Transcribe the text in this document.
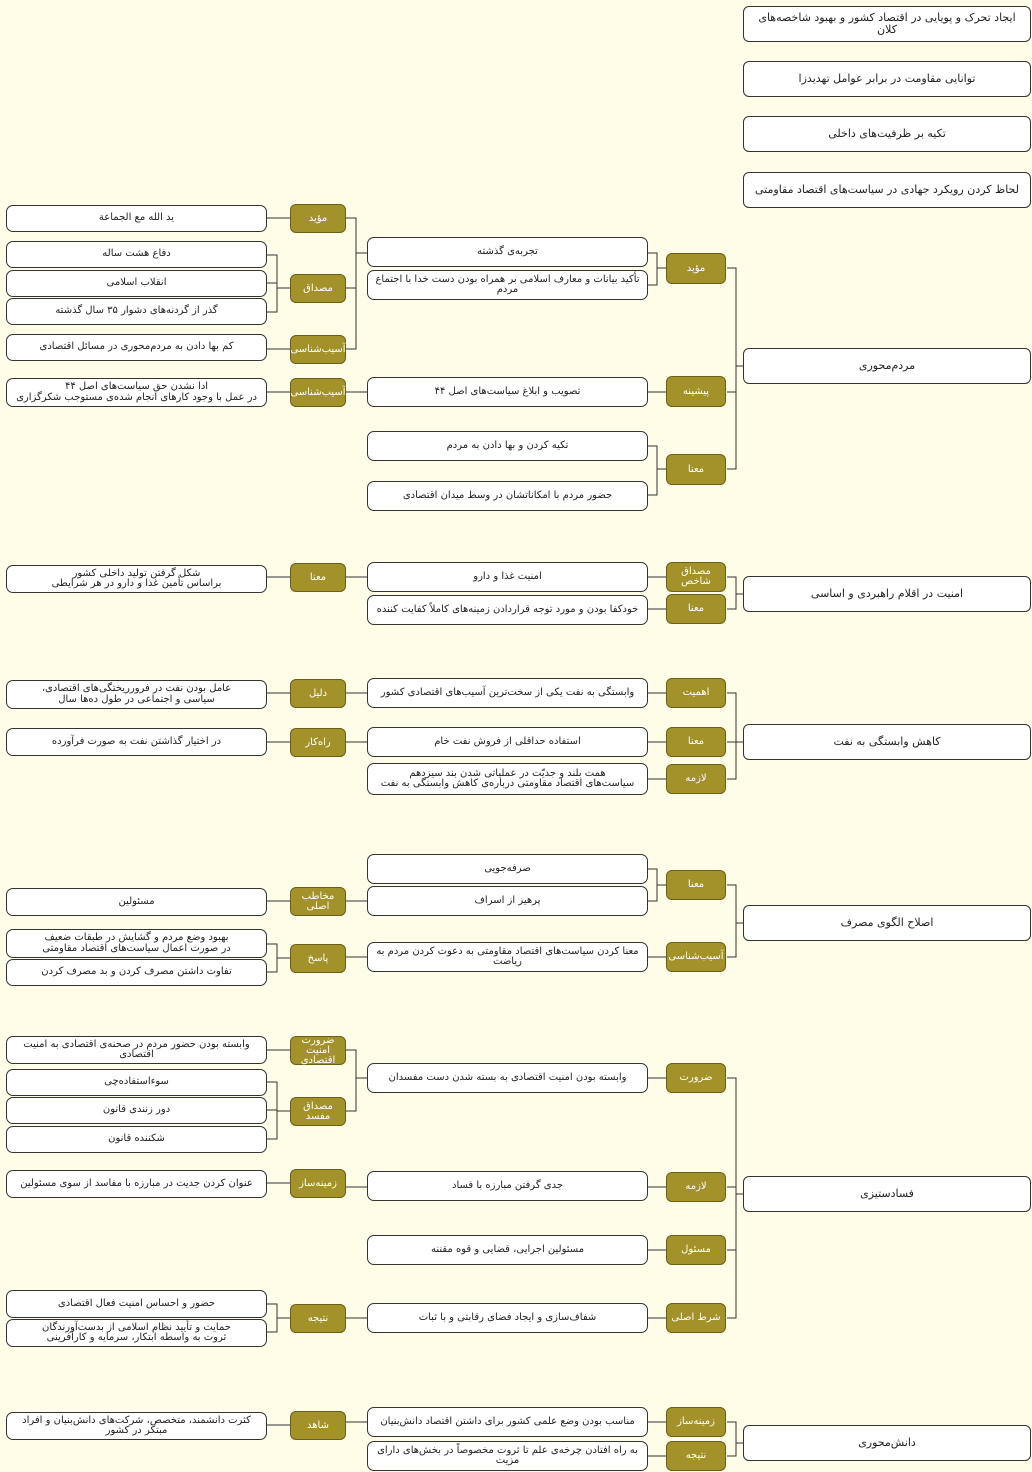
ایجاد تحرک و پویایی در اقتصاد کشور و بهبود شاخصه‌های کلان
توانایی مقاومت در برابر عوامل تهدیدزا
تکیه بر ظرفیت‌های داخلی
لحاظ کردن رویکرد جهادی در سیاست‌های اقتصاد مقاومتی
مردم‌محوری
مؤید
پیشینه
معنا
تجربه‌ی گذشته
تأکید بیانات و معارف اسلامی بر همراه بودن دست خدا با اجتماع مردم
تصویب و ابلاغ سیاست‌های اصل ۴۴
تکیه کردن و بها دادن به مردم
حضور مردم با امکاناتشان در وسط میدان اقتصادی
مؤید
مصداق
آسیب‌شناسی
آسیب‌شناسی
ید الله مع الجماعة
دفاع هشت ساله
انقلاب اسلامی
گذر از گردنه‌های دشوار ۳۵ سال گذشته
کم بها دادن به مردم‌محوری در مسائل اقتصادی
ادا نشدن حق سیاست‌های اصل ۴۴
در عمل با وجود کارهای انجام شده‌ی مستوجب شکرگزاری
امنیت در اقلام راهبردی و اساسی
مصداق شاخص
معنا
امنیت غذا و دارو
خودکفا بودن و مورد توجه قراردادن زمینه‌های کاملاً کفایت کننده
معنا
شکل گرفتن تولید داخلی کشور
براساس تأمین غذا و دارو در هر شرایطی
کاهش وابستگی به نفت
اهمیت
معنا
لازمه
وابستگی به نفت یکی از سخت‌ترین آسیب‌های اقتصادی کشور
استفاده حداقلی از فروش نفت خام
همت بلند و جدیّت در عملیاتی شدن بند سیزدهم
سیاست‌های اقتصاد مقاومتی درباره‌ی کاهش وابستگی به نفت
دلیل
راه‌کار
عامل بودن نفت در فرورریختگی‌های اقتصادی،
سیاسی و اجتماعی در طول ده‌ها سال
در اختیار گذاشتن نفت به صورت فرآورده
اصلاح الگوی مصرف
معنا
آسیب‌شناسی
صرفه‌جویی
پرهیز از اسراف
معنا کردن سیاست‌های اقتصاد مقاومتی به دعوت کردن مردم به ریاضت
مخاطب اصلی
پاسخ
مسئولین
بهبود وضع مردم و گشایش در طبقات ضعیف
در صورت اعمال سیاست‌های اقتصاد مقاومتی
تفاوت داشتن مصرف کردن و بد مصرف کردن
فسادستیزی
ضرورت
لازمه
مسئول
شرط اصلی
وابسته بودن امنیت اقتصادی به بسته شدن دست مفسدان
جدی گرفتن مبارزه با فساد
مسئولین اجرایی، قضایی و قوه مقننه
شفاف‌سازی و ایجاد فضای رقابتی و با ثبات
ضرورت
امنیت اقتصادی
مصداق مفسد
زمینه‌ساز
نتیجه
وابسته بودن حضور مردم در صحنه‌ی اقتصادی به امنیت اقتصادی
سوءاستفاده‌چی
دور زنندی قانون
شکننده قانون
عنوان کردن جدیت در مبارزه با مفاسد از سوی مسئولین
حضور و احساس امنیت فعال اقتصادی
حمایت و تأیید نظام اسلامی از بدست‌آورندگان
ثروت به واسطه ابتکار، سرمایه و کارآفرینی
دانش‌محوری
زمینه‌ساز
نتیجه
مناسب بودن وضع علمی کشور برای داشتن اقتصاد دانش‌بنیان
به راه افتادن چرخه‌ی علم تا ثروت مخصوصاً در بخش‌های دارای مزیت
شاهد
کثرت دانشمند، متخصص، شرکت‌های دانش‌بنیان و افراد مبتکر در کشور
